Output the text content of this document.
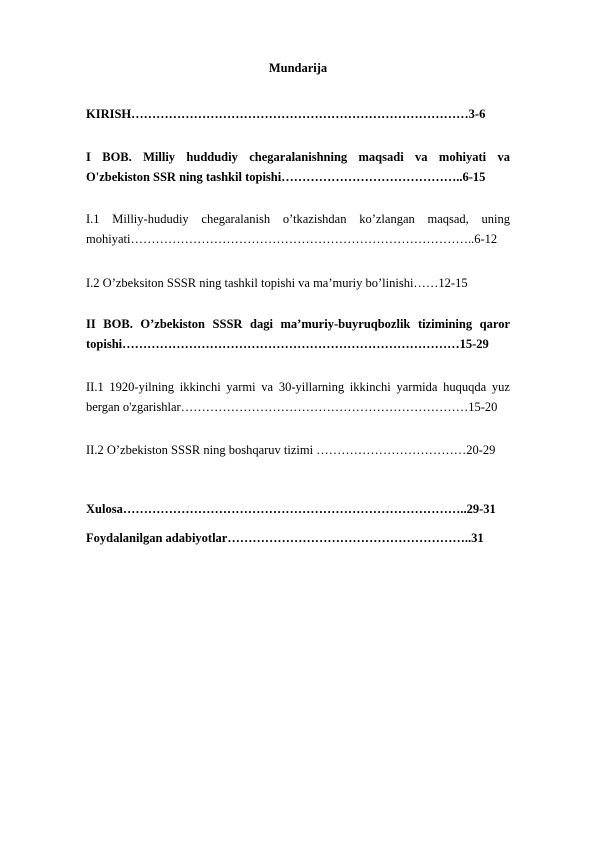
Mundarija
KIRISH………………………………………………………………………3-6
I BOB. Milliy huddudiy chegaralanishning maqsadi va mohiyati va
O'zbekiston SSR ning tashkil topishi……………………………………..6-15
I.1 Milliy-hududiy chegaralanish o’tkazishdan ko’zlangan maqsad, uning
mohiyati………………………………………………………………………..6-12
I.2 O’zbeksiton SSSR ning tashkil topishi va ma’muriy bo’linishi……12-15
II BOB. O’zbekiston SSSR dagi ma’muriy-buyruqbozlik tizimining qaror
topishi………………………………………………………………………15-29
II.1 1920-yilning ikkinchi yarmi va 30-yillarning ikkinchi yarmida huquqda yuz
bergan o'zgarishlar……………………………………………………………15-20
II.2 O’zbekiston SSSR ning boshqaruv tizimi ………………………………20-29
Xulosa………………………………………………………………………..29-31
Foydalanilgan adabiyotlar…………………………………………………..31
